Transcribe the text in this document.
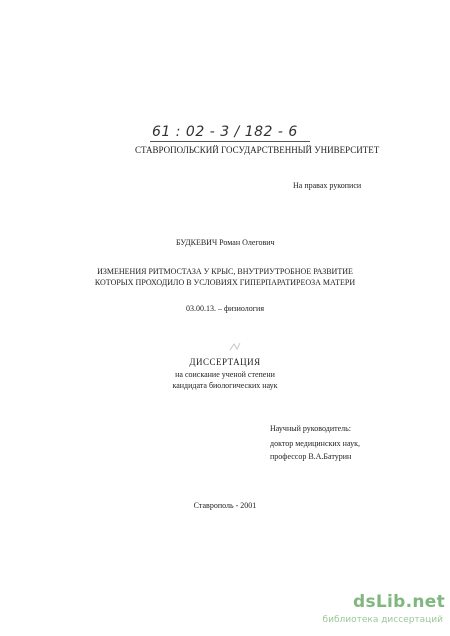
61 : 02 - 3 / 182 - 6
СТАВРОПОЛЬСКИЙ ГОСУДАРСТВЕННЫЙ УНИВЕРСИТЕТ
На правах рукописи
БУДКЕВИЧ Роман Олегович
ИЗМЕНЕНИЯ РИТМОСТАЗА У КРЫС, ВНУТРИУТРОБНОЕ РАЗВИТИЕ
КОТОРЫХ ПРОХОДИЛО В УСЛОВИЯХ ГИПЕРПАРАТИРЕОЗА МАТЕРИ
03.00.13. – физиология
ДИССЕРТАЦИЯ
на соискание ученой степени
кандидата биологических наук
Научный руководитель:
доктор медицинских наук,
профессор В.А.Батурин
Ставрополь - 2001
dsLib.net
библиотека диссертаций
